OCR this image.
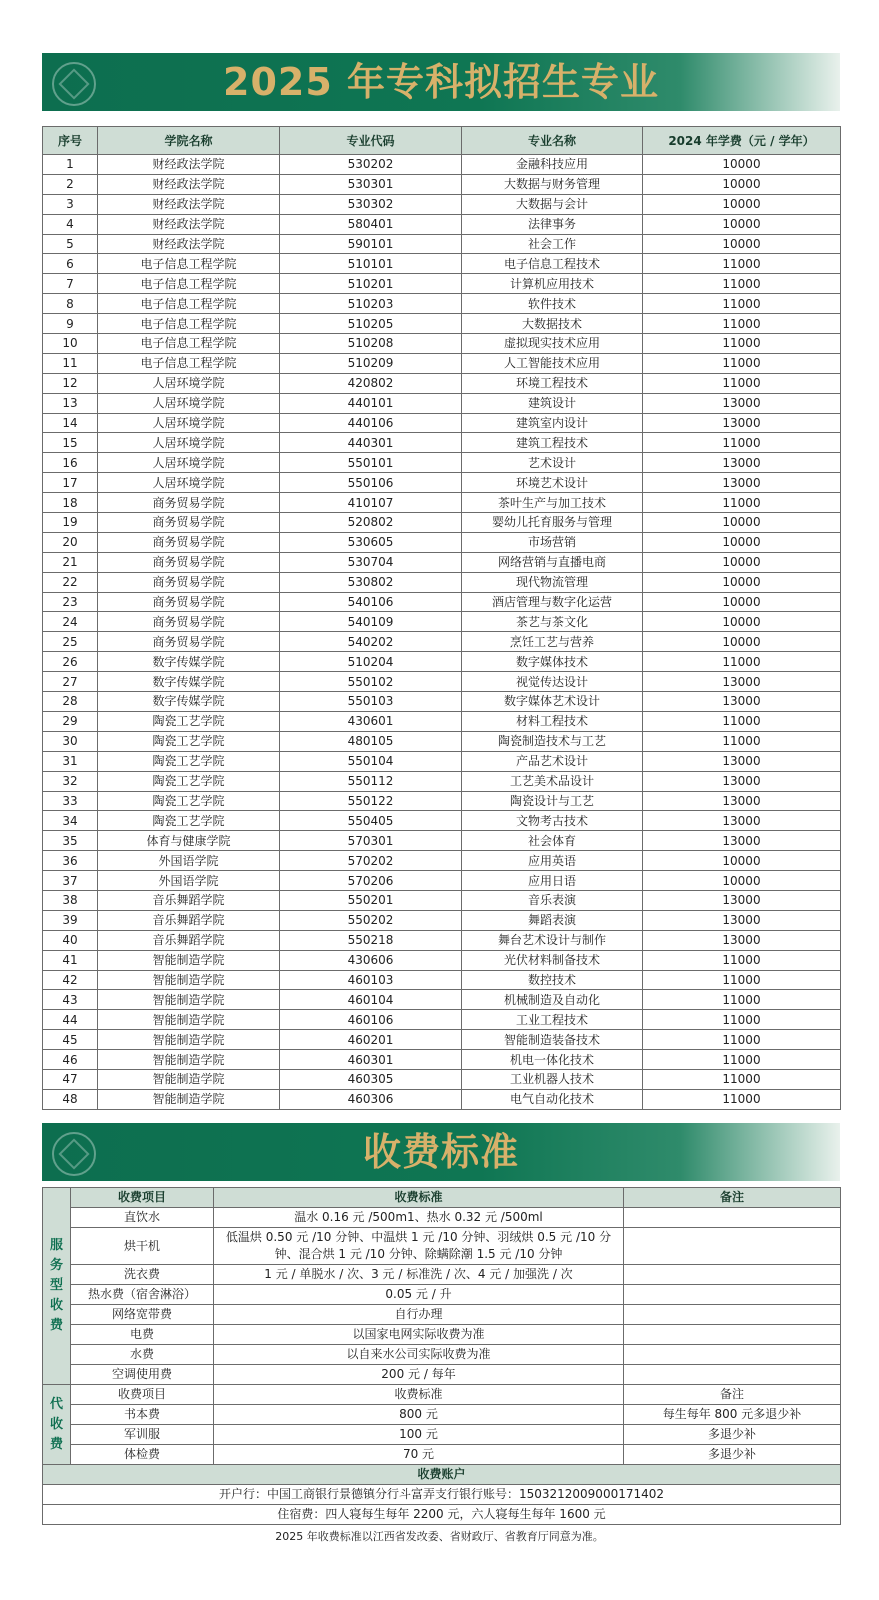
2025 年专科拟招生专业
序号	学院名称	专业代码	专业名称	2024 年学费（元 / 学年）
1	财经政法学院	530202	金融科技应用	10000
2	财经政法学院	530301	大数据与财务管理	10000
3	财经政法学院	530302	大数据与会计	10000
4	财经政法学院	580401	法律事务	10000
5	财经政法学院	590101	社会工作	10000
6	电子信息工程学院	510101	电子信息工程技术	11000
7	电子信息工程学院	510201	计算机应用技术	11000
8	电子信息工程学院	510203	软件技术	11000
9	电子信息工程学院	510205	大数据技术	11000
10	电子信息工程学院	510208	虚拟现实技术应用	11000
11	电子信息工程学院	510209	人工智能技术应用	11000
12	人居环境学院	420802	环境工程技术	11000
13	人居环境学院	440101	建筑设计	13000
14	人居环境学院	440106	建筑室内设计	13000
15	人居环境学院	440301	建筑工程技术	11000
16	人居环境学院	550101	艺术设计	13000
17	人居环境学院	550106	环境艺术设计	13000
18	商务贸易学院	410107	茶叶生产与加工技术	11000
19	商务贸易学院	520802	婴幼儿托育服务与管理	10000
20	商务贸易学院	530605	市场营销	10000
21	商务贸易学院	530704	网络营销与直播电商	10000
22	商务贸易学院	530802	现代物流管理	10000
23	商务贸易学院	540106	酒店管理与数字化运营	10000
24	商务贸易学院	540109	茶艺与茶文化	10000
25	商务贸易学院	540202	烹饪工艺与营养	10000
26	数字传媒学院	510204	数字媒体技术	11000
27	数字传媒学院	550102	视觉传达设计	13000
28	数字传媒学院	550103	数字媒体艺术设计	13000
29	陶瓷工艺学院	430601	材料工程技术	11000
30	陶瓷工艺学院	480105	陶瓷制造技术与工艺	11000
31	陶瓷工艺学院	550104	产品艺术设计	13000
32	陶瓷工艺学院	550112	工艺美术品设计	13000
33	陶瓷工艺学院	550122	陶瓷设计与工艺	13000
34	陶瓷工艺学院	550405	文物考古技术	13000
35	体育与健康学院	570301	社会体育	13000
36	外国语学院	570202	应用英语	10000
37	外国语学院	570206	应用日语	10000
38	音乐舞蹈学院	550201	音乐表演	13000
39	音乐舞蹈学院	550202	舞蹈表演	13000
40	音乐舞蹈学院	550218	舞台艺术设计与制作	13000
41	智能制造学院	430606	光伏材料制备技术	11000
42	智能制造学院	460103	数控技术	11000
43	智能制造学院	460104	机械制造及自动化	11000
44	智能制造学院	460106	工业工程技术	11000
45	智能制造学院	460201	智能制造装备技术	11000
46	智能制造学院	460301	机电一体化技术	11000
47	智能制造学院	460305	工业机器人技术	11000
48	智能制造学院	460306	电气自动化技术	11000
收费标准
服务型收费	收费项目	收费标准	备注
	直饮水	温水 0.16 元 /500m1、热水 0.32 元 /500ml	
	烘干机	低温烘 0.50 元 /10 分钟、中温烘 1 元 /10 分钟、羽绒烘 0.5 元 /10 分钟、混合烘 1 元 /10 分钟、除螨除潮 1.5 元 /10 分钟	
	洗衣费	1 元 / 单脱水 / 次、3 元 / 标准洗 / 次、4 元 / 加强洗 / 次	
	热水费（宿舍淋浴）	0.05 元 / 升	
	网络宽带费	自行办理	
	电费	以国家电网实际收费为准	
	水费	以自来水公司实际收费为准	
	空调使用费	200 元 / 每年	

代收费	收费项目	收费标准	备注
	书本费	800 元	每生每年 800 元多退少补
	军训服	100 元	多退少补
	体检费	70 元	多退少补
收费账户			
开户行：中国工商银行景德镇分行斗富弄支行银行账号：1503212009000171402			
住宿费：四人寝每生每年 2200 元，六人寝每生每年 1600 元			
2025 年收费标准以江西省发改委、省财政厅、省教育厅同意为准。
